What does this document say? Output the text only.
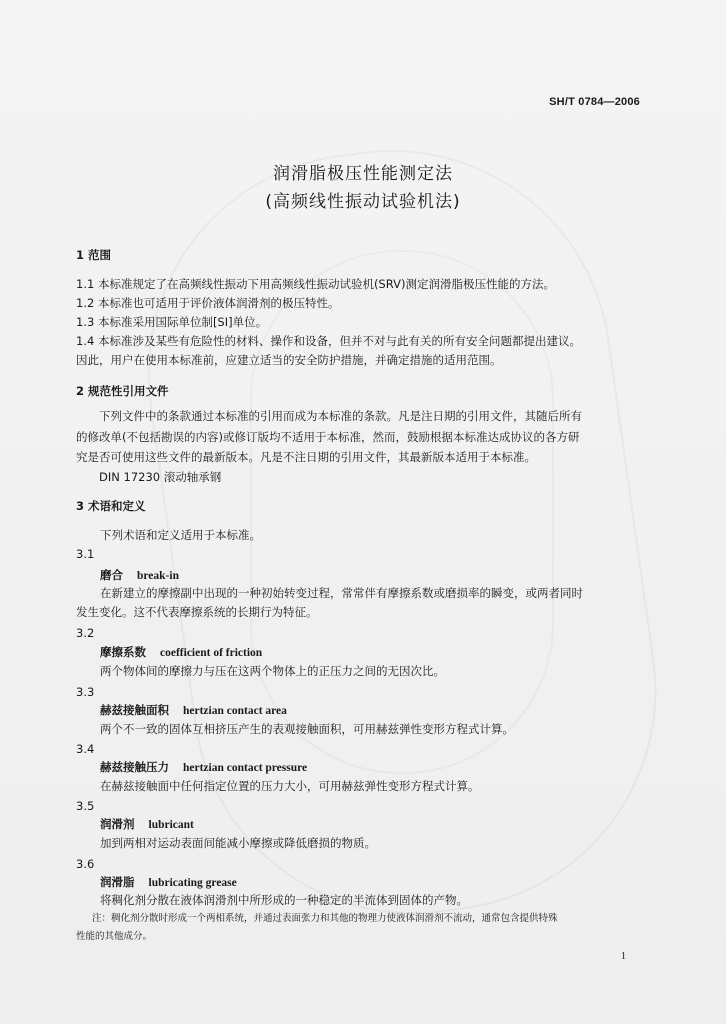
SH/T 0784—2006
润滑脂极压性能测定法
(高频线性振动试验机法)
1 范围
1.1 本标准规定了在高频线性振动下用高频线性振动试验机(SRV)测定润滑脂极压性能的方法。
1.2 本标准也可适用于评价液体润滑剂的极压特性。
1.3 本标准采用国际单位制[SI]单位。
1.4 本标准涉及某些有危险性的材料、操作和设备，但并不对与此有关的所有安全问题都提出建议。
因此，用户在使用本标准前，应建立适当的安全防护措施，并确定措施的适用范围。
2 规范性引用文件
下列文件中的条款通过本标准的引用而成为本标准的条款。凡是注日期的引用文件，其随后所有
的修改单(不包括勘误的内容)或修订版均不适用于本标准，然而，鼓励根据本标准达成协议的各方研
究是否可使用这些文件的最新版本。凡是不注日期的引用文件，其最新版本适用于本标准。
DIN 17230 滚动轴承钢
3 术语和定义
下列术语和定义适用于本标准。
3.1
磨合 break-in
在新建立的摩擦副中出现的一种初始转变过程，常常伴有摩擦系数或磨损率的瞬变，或两者同时
发生变化。这不代表摩擦系统的长期行为特征。
3.2
摩擦系数 coefficient of friction
两个物体间的摩擦力与压在这两个物体上的正压力之间的无因次比。
3.3
赫兹接触面积 hertzian contact area
两个不一致的固体互相挤压产生的表观接触面积，可用赫兹弹性变形方程式计算。
3.4
赫兹接触压力 hertzian contact pressure
在赫兹接触面中任何指定位置的压力大小，可用赫兹弹性变形方程式计算。
3.5
润滑剂 lubricant
加到两相对运动表面间能减小摩擦或降低磨损的物质。
3.6
润滑脂 lubricating grease
将稠化剂分散在液体润滑剂中所形成的一种稳定的半流体到固体的产物。
注：稠化剂分散时形成一个两相系统，并通过表面张力和其他的物理力使液体润滑剂不流动，通常包含提供特殊
性能的其他成分。
1
